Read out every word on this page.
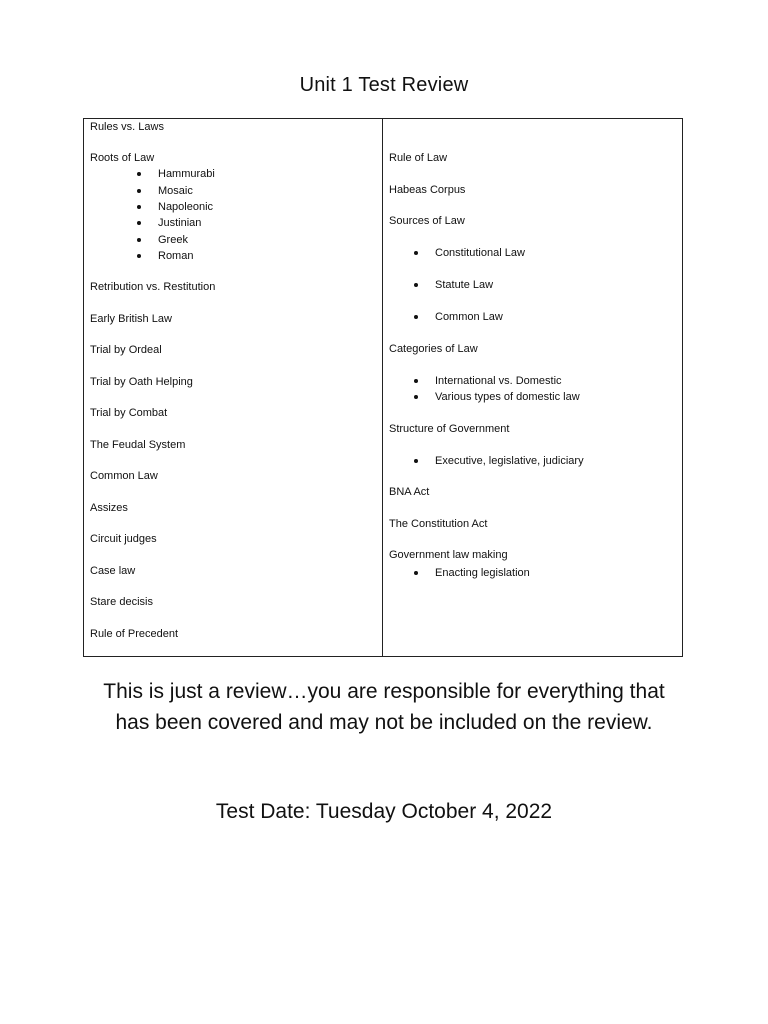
Unit 1 Test Review
Rules vs. Laws
Roots of Law
Hammurabi
Mosaic
Napoleonic
Justinian
Greek
Roman
Retribution vs. Restitution
Early British Law
Trial by Ordeal
Trial by Oath Helping
Trial by Combat
The Feudal System
Common Law
Assizes
Circuit judges
Case law
Stare decisis
Rule of Precedent
Rule of Law
Habeas Corpus
Sources of Law
Constitutional Law
Statute Law
Common Law
Categories of Law
International vs. Domestic
Various types of domestic law
Structure of Government
Executive, legislative, judiciary
BNA Act
The Constitution Act
Government law making
Enacting legislation
This is just a review…you are responsible for everything that has been covered and may not be included on the review.
Test Date: Tuesday October 4, 2022
